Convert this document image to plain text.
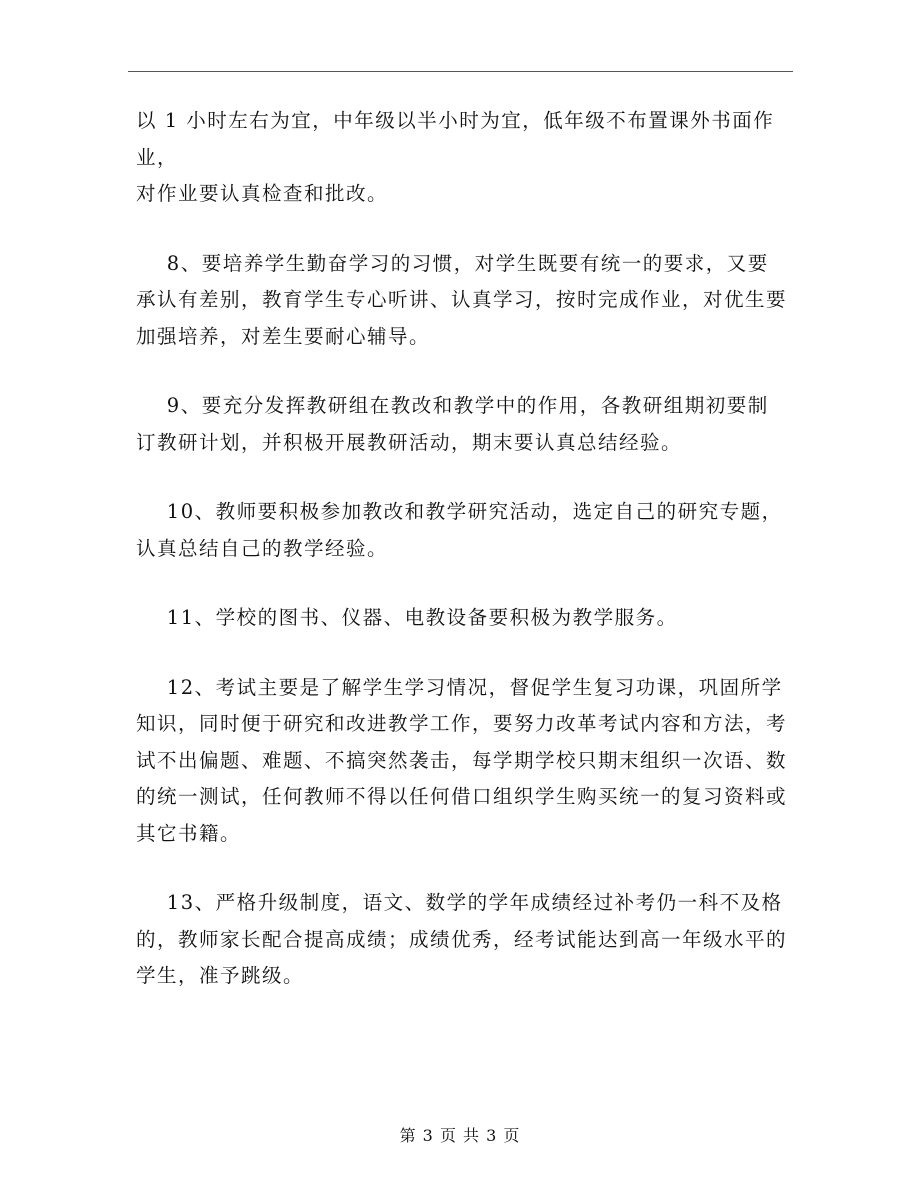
以 1 小时左右为宜，中年级以半小时为宜，低年级不布置课外书面作业，
对作业要认真检查和批改。

8、要培养学生勤奋学习的习惯，对学生既要有统一的要求，又要
承认有差别，教育学生专心听讲、认真学习，按时完成作业，对优生要
加强培养，对差生要耐心辅导。

9、要充分发挥教研组在教改和教学中的作用，各教研组期初要制
订教研计划，并积极开展教研活动，期末要认真总结经验。

10、教师要积极参加教改和教学研究活动，选定自己的研究专题，
认真总结自己的教学经验。

11、学校的图书、仪器、电教设备要积极为教学服务。

12、考试主要是了解学生学习情况，督促学生复习功课，巩固所学
知识，同时便于研究和改进教学工作，要努力改革考试内容和方法，考
试不出偏题、难题、不搞突然袭击，每学期学校只期末组织一次语、数
的统一测试，任何教师不得以任何借口组织学生购买统一的复习资料或
其它书籍。

13、严格升级制度，语文、数学的学年成绩经过补考仍一科不及格
的，教师家长配合提高成绩；成绩优秀，经考试能达到高一年级水平的
学生，准予跳级。

第 3 页 共 3 页
